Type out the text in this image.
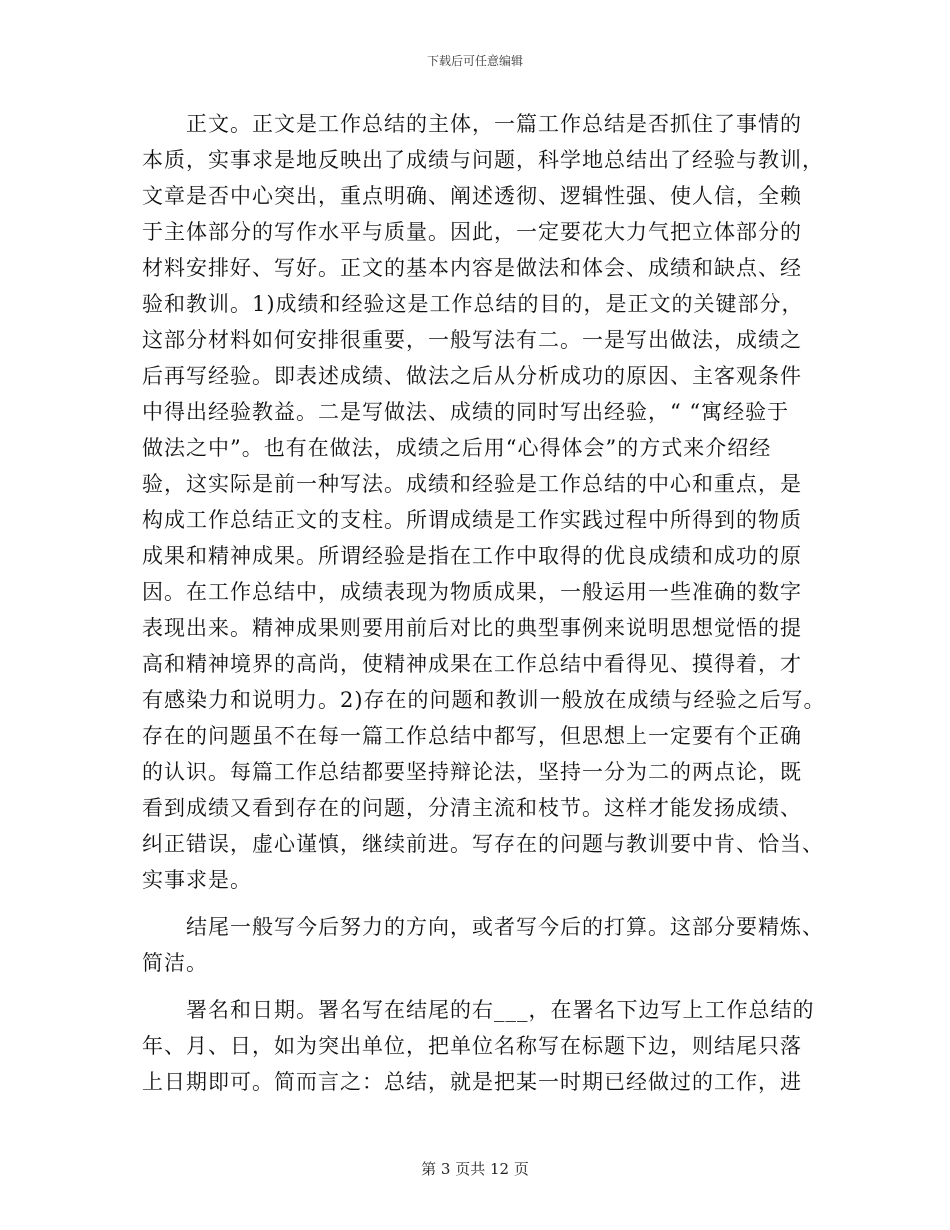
下载后可任意编辑
正文。正文是工作总结的主体，一篇工作总结是否抓住了事情的
本质，实事求是地反映出了成绩与问题，科学地总结出了经验与教训，
文章是否中心突出，重点明确、阐述透彻、逻辑性强、使人信，全赖
于主体部分的写作水平与质量。因此，一定要花大力气把立体部分的
材料安排好、写好。正文的基本内容是做法和体会、成绩和缺点、经
验和教训。1)成绩和经验这是工作总结的目的，是正文的关键部分，
这部分材料如何安排很重要，一般写法有二。一是写出做法，成绩之
后再写经验。即表述成绩、做法之后从分析成功的原因、主客观条件
中得出经验教益。二是写做法、成绩的同时写出经验，“ “寓经验于
做法之中”。也有在做法，成绩之后用“心得体会”的方式来介绍经
验，这实际是前一种写法。成绩和经验是工作总结的中心和重点，是
构成工作总结正文的支柱。所谓成绩是工作实践过程中所得到的物质
成果和精神成果。所谓经验是指在工作中取得的优良成绩和成功的原
因。在工作总结中，成绩表现为物质成果，一般运用一些准确的数字
表现出来。精神成果则要用前后对比的典型事例来说明思想觉悟的提
高和精神境界的高尚，使精神成果在工作总结中看得见、摸得着，才
有感染力和说明力。2)存在的问题和教训一般放在成绩与经验之后写。
存在的问题虽不在每一篇工作总结中都写，但思想上一定要有个正确
的认识。每篇工作总结都要坚持辩论法，坚持一分为二的两点论，既
看到成绩又看到存在的问题，分清主流和枝节。这样才能发扬成绩、
纠正错误，虚心谨慎，继续前进。写存在的问题与教训要中肯、恰当、
实事求是。
结尾一般写今后努力的方向，或者写今后的打算。这部分要精炼、
简洁。
署名和日期。署名写在结尾的右___，在署名下边写上工作总结的
年、月、日，如为突出单位，把单位名称写在标题下边，则结尾只落
上日期即可。简而言之：总结，就是把某一时期已经做过的工作，进
第 3 页共 12 页
